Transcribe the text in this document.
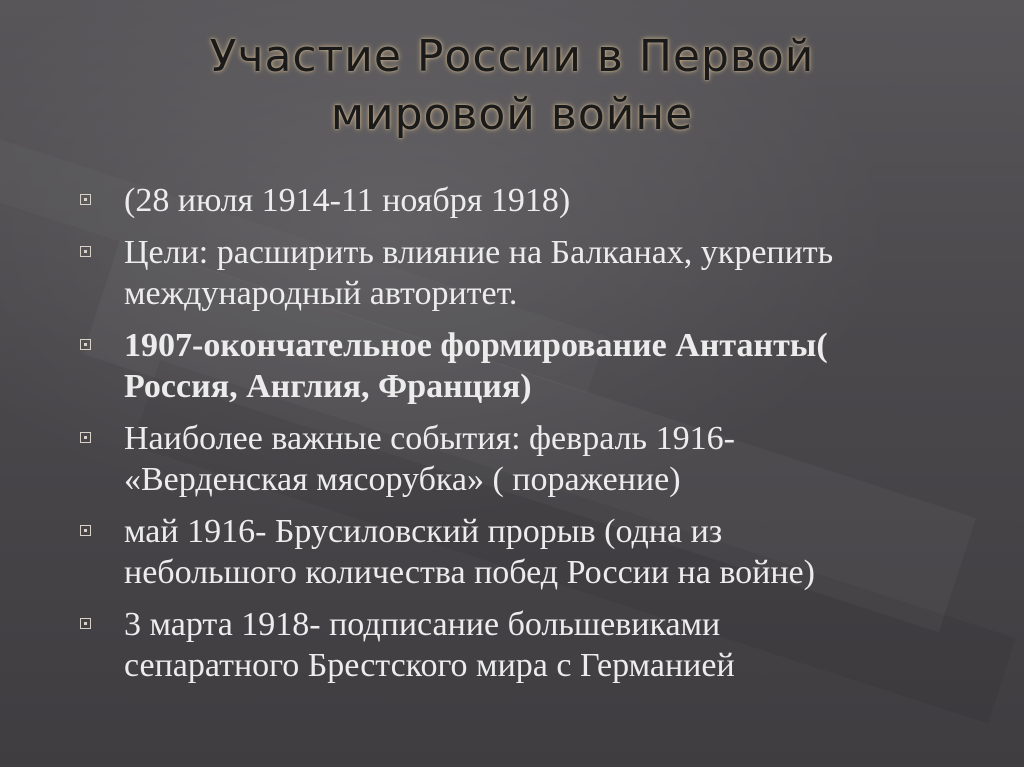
Участие России в Первой
мировой войне
(28 июля 1914-11 ноября 1918)
Цели: расширить влияние на Балканах, укрепить
международный авторитет.
1907-окончательное формирование Антанты(
Россия, Англия, Франция)
Наиболее важные события: февраль 1916-
«Верденская мясорубка» ( поражение)
май 1916- Брусиловский прорыв (одна из
небольшого количества побед России на войне)
3 марта 1918- подписание большевиками
сепаратного Брестского мира с Германией
